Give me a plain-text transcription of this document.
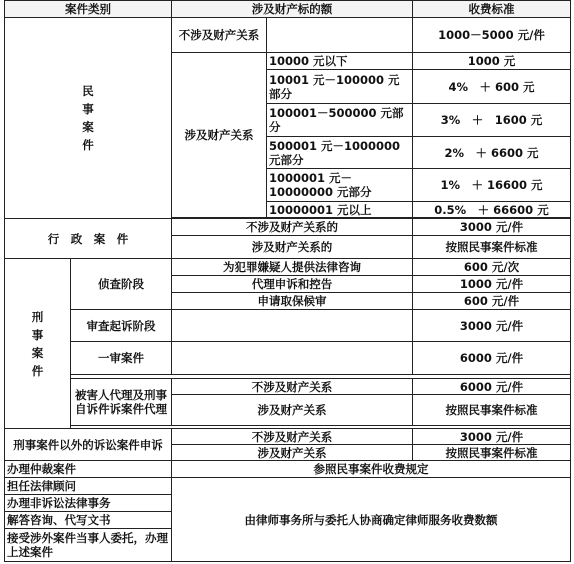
案件类别		涉及财产标的额		收费标准
民事案件		不涉及财产关系		1000－5000 元/件
		涉及财产关系	10000 元以下	1000 元
			10001 元－100000 元部分	4%　＋ 600 元
			100001－500000 元部分	3%　＋　1600 元
			500001 元－1000000 元部分	2%　＋ 6600 元
			1000001 元－10000000 元部分	1%　＋ 16600 元
			10000001 元以上	0.5%　＋ 66600 元

行　政　案　件		不涉及财产关系的		3000 元/件
		涉及财产关系的		按照民事案件标准
刑事案件	侦查阶段	为犯罪嫌疑人提供法律咨询		600 元/次
		代理申诉和控告		1000 元/件
		申请取保候审		600 元/件
	审查起诉阶段			3000 元/件
	一审案件			6000 元/件

	被害人代理及刑事自诉件诉案件代理	不涉及财产关系		6000 元/件
		涉及财产关系		按照民事案件标准

刑事案件以外的诉讼案件申诉		不涉及财产关系		3000 元/件
		涉及财产关系		按照民事案件标准
办理仲裁案件		参照民事案件收费规定		
担任法律顾问		由律师事务所与委托人协商确定律师服务收费数额		
办理非诉讼法律事务				
解答咨询、代写文书				
接受涉外案件当事人委托，办理上述案件				
